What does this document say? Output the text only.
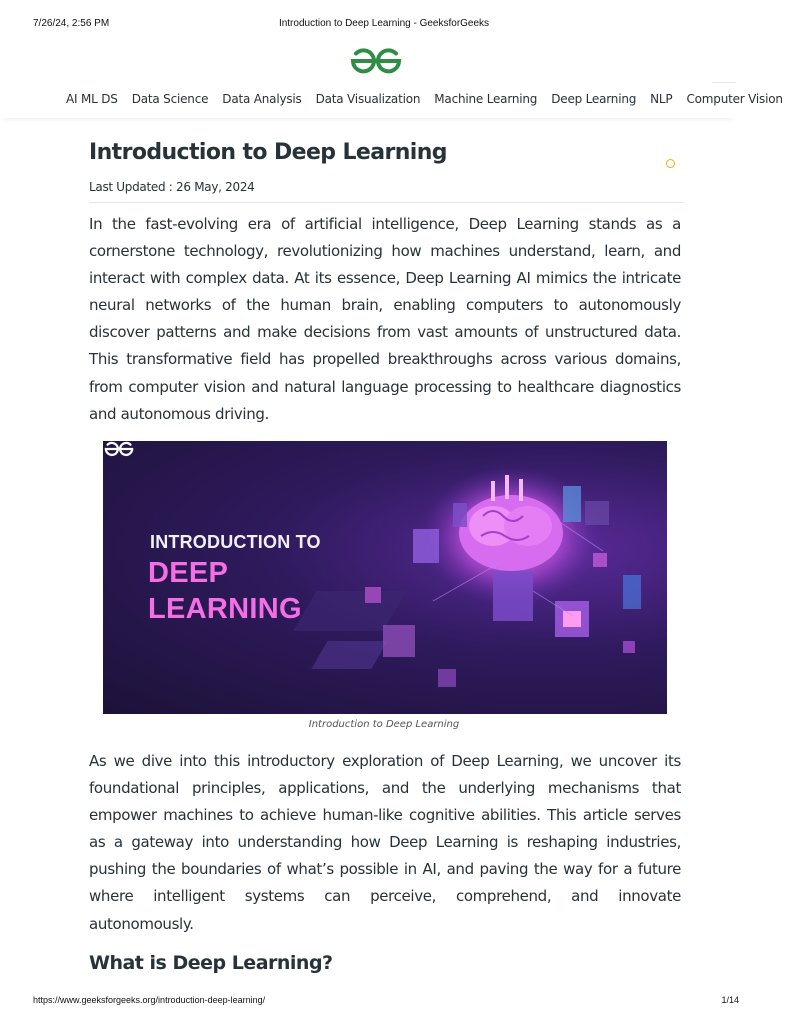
7/26/24, 2:56 PM	Introduction to Deep Learning - GeeksforGeeks
AI ML DS Data Science Data Analysis Data Visualization Machine Learning Deep Learning NLP Computer Vision
Introduction to Deep Learning
Last Updated : 26 May, 2024

In the fast-evolving era of artificial intelligence, Deep Learning stands as a cornerstone technology, revolutionizing how machines understand, learn, and interact with complex data. At its essence, Deep Learning AI mimics the intricate neural networks of the human brain, enabling computers to autonomously discover patterns and make decisions from vast amounts of unstructured data. This transformative field has propelled breakthroughs across various domains, from computer vision and natural language processing to healthcare diagnostics and autonomous driving.

INTRODUCTION TO
DEEP
LEARNING
Introduction to Deep Learning

As we dive into this introductory exploration of Deep Learning, we uncover its foundational principles, applications, and the underlying mechanisms that empower machines to achieve human-like cognitive abilities. This article serves as a gateway into understanding how Deep Learning is reshaping industries, pushing the boundaries of what’s possible in AI, and paving the way for a future where intelligent systems can perceive, comprehend, and innovate autonomously.

What is Deep Learning?
https://www.geeksforgeeks.org/introduction-deep-learning/	1/14
